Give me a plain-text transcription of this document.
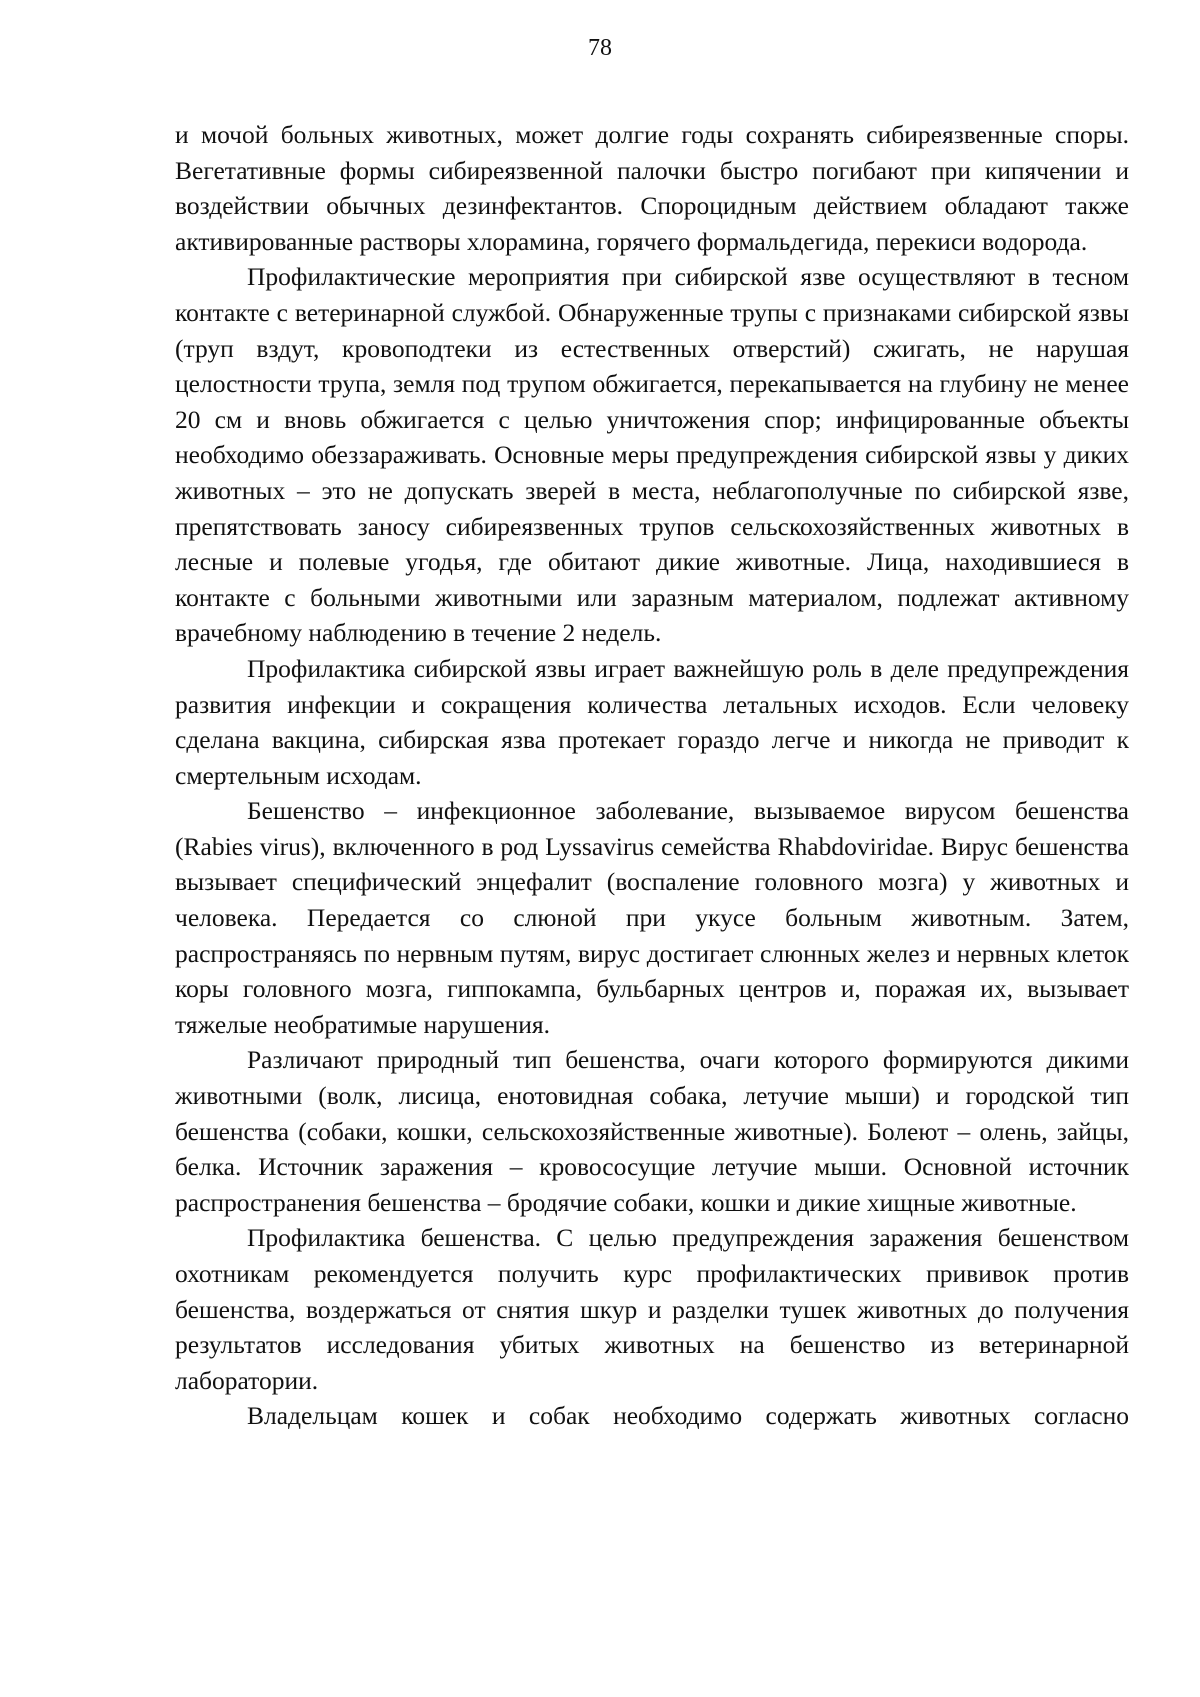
78

и мочой больных животных, может долгие годы сохранять сибиреязвенные споры. Вегетативные формы сибиреязвенной палочки быстро погибают при кипячении и воздействии обычных дезинфектантов. Спороцидным действием обладают также активированные растворы хлорамина, горячего формальдегида, перекиси водорода.

Профилактические мероприятия при сибирской язве осуществляют в тесном контакте с ветеринарной службой. Обнаруженные трупы с признаками сибирской язвы (труп вздут, кровоподтеки из естественных отверстий) сжигать, не нарушая целостности трупа, земля под трупом обжигается, перекапывается на глубину не менее 20 см и вновь обжигается с целью уничтожения спор; инфицированные объекты необходимо обеззараживать. Основные меры предупреждения сибирской язвы у диких животных – это не допускать зверей в места, неблагополучные по сибирской язве, препятствовать заносу сибиреязвенных трупов сельскохозяйственных животных в лесные и полевые угодья, где обитают дикие животные. Лица, находившиеся в контакте с больными животными или заразным материалом, подлежат активному врачебному наблюдению в течение 2 недель.

Профилактика сибирской язвы играет важнейшую роль в деле предупреждения развития инфекции и сокращения количества летальных исходов. Если человеку сделана вакцина, сибирская язва протекает гораздо легче и никогда не приводит к смертельным исходам.

Бешенство – инфекционное заболевание, вызываемое вирусом бешенства (Rabies virus), включенного в род Lyssavirus семейства Rhabdoviridae. Вирус бешенства вызывает специфический энцефалит (воспаление головного мозга) у животных и человека. Передается со слюной при укусе больным животным. Затем, распространяясь по нервным путям, вирус достигает слюнных желез и нервных клеток коры головного мозга, гиппокампа, бульбарных центров и, поражая их, вызывает тяжелые необратимые нарушения.

Различают природный тип бешенства, очаги которого формируются дикими животными (волк, лисица, енотовидная собака, летучие мыши) и городской тип бешенства (собаки, кошки, сельскохозяйственные животные). Болеют – олень, зайцы, белка. Источник заражения – кровососущие летучие мыши. Основной источник распространения бешенства – бродячие собаки, кошки и дикие хищные животные.

Профилактика бешенства. С целью предупреждения заражения бешенством охотникам рекомендуется получить курс профилактических прививок против бешенства, воздержаться от снятия шкур и разделки тушек животных до получения результатов исследования убитых животных на бешенство из ветеринарной лаборатории.

Владельцам кошек и собак необходимо содержать животных согласно
